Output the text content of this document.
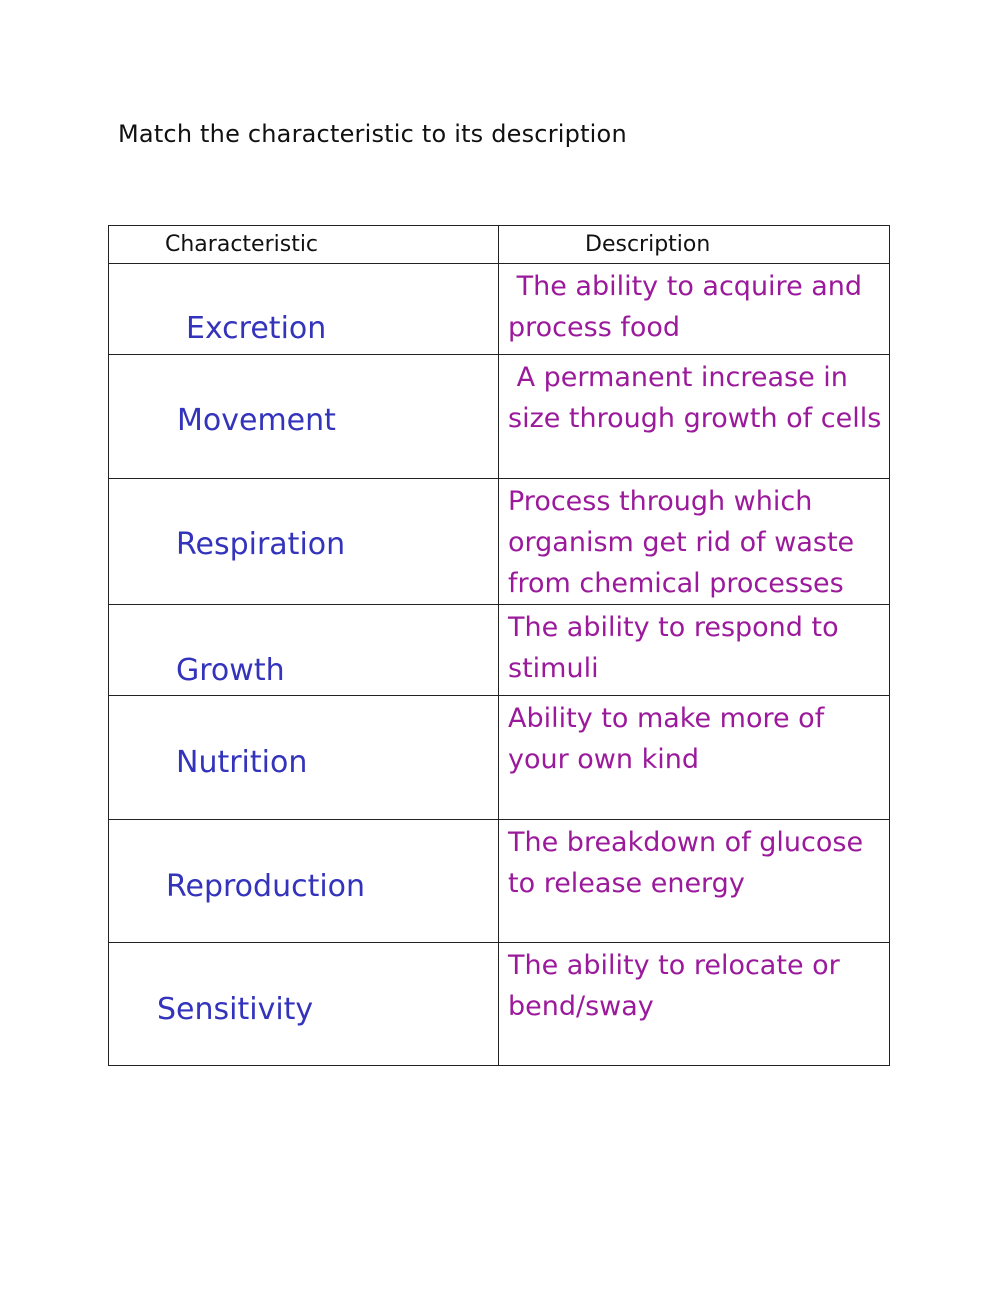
Match the characteristic to its description
Characteristic	Description

Excretion	The ability to acquire and process food

Movement	A permanent increase in size through growth of cells

Respiration	Process through which organism get rid of waste from chemical processes

Growth	The ability to respond to stimuli

Nutrition	Ability to make more of your own kind

Reproduction	The breakdown of glucose to release energy

Sensitivity	The ability to relocate or bend/sway
